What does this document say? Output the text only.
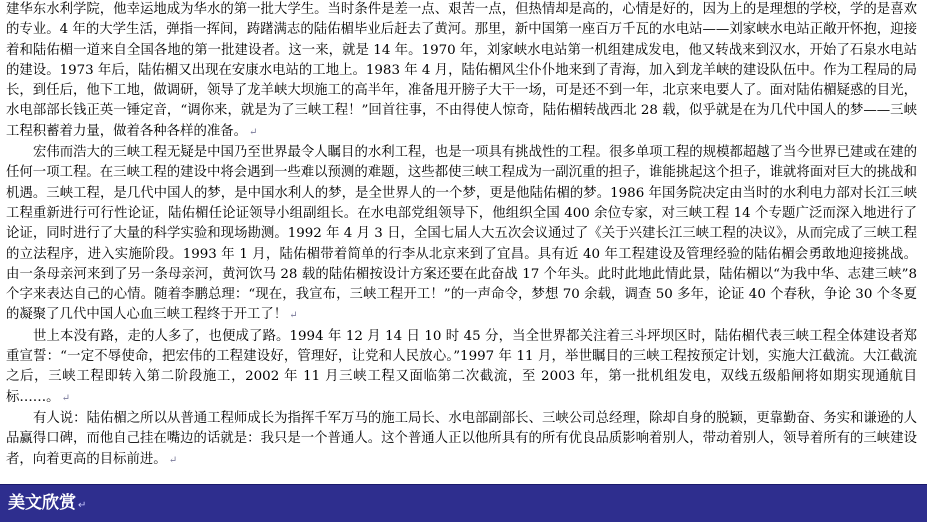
建华东水利学院，他幸运地成为华水的第一批大学生。当时条件是差一点、艰苦一点，但热情却是高的，心情是好的，因为上的是理想的学校，学的是喜欢的专业。4 年的大学生活，弹指一挥间，踌躇满志的陆佑楣毕业后赶去了黄河。那里，新中国第一座百万千瓦的水电站——刘家峡水电站正敞开怀抱，迎接着和陆佑楣一道来自全国各地的第一批建设者。这一来，就是 14 年。1970 年，刘家峡水电站第一机组建成发电，他又转战来到汉水，开始了石泉水电站的建设。1973 年后，陆佑楣又出现在安康水电站的工地上。1983 年 4 月，陆佑楣风尘仆仆地来到了青海，加入到龙羊峡的建设队伍中。作为工程局的局长，到任后，他下工地，做调研，领导了龙羊峡大坝施工的高半年，准备甩开膀子大干一场，可是还不到一年，北京来电要人了。面对陆佑楣疑惑的目光，水电部部长钱正英一锤定音，“调你来，就是为了三峡工程！”回首往事，不由得使人惊奇，陆佑楣转战西北 28 载，似乎就是在为几代中国人的梦——三峡工程积蓄着力量，做着各种各样的准备。 ↵

宏伟而浩大的三峡工程无疑是中国乃至世界最令人瞩目的水利工程，也是一项具有挑战性的工程。很多单项工程的规模都超越了当今世界已建或在建的任何一项工程。在三峡工程的建设中将会遇到一些难以预测的难题，这些都使三峡工程成为一副沉重的担子，谁能挑起这个担子，谁就将面对巨大的挑战和机遇。三峡工程，是几代中国人的梦，是中国水利人的梦，是全世界人的一个梦，更是他陆佑楣的梦。1986 年国务院决定由当时的水利电力部对长江三峡工程重新进行可行性论证，陆佑楣任论证领导小组副组长。在水电部党组领导下，他组织全国 400 余位专家，对三峡工程 14 个专题广泛而深入地进行了论证，同时进行了大量的科学实验和现场勘测。1992 年 4 月 3 日，全国七届人大五次会议通过了《关于兴建长江三峡工程的决议》，从而完成了三峡工程的立法程序，进入实施阶段。1993 年 1 月，陆佑楣带着简单的行李从北京来到了宜昌。具有近 40 年工程建设及管理经验的陆佑楣会勇敢地迎接挑战。由一条母亲河来到了另一条母亲河，黄河饮马 28 载的陆佑楣按设计方案还要在此奋战 17 个年头。此时此地此情此景，陆佑楣以“为我中华、志建三峡”8 个字来表达自己的心情。随着李鹏总理：“现在，我宣布，三峡工程开工！”的一声命令，梦想 70 余载，调查 50 多年，论证 40 个春秋，争论 30 个冬夏的凝聚了几代中国人心血三峡工程终于开工了！ ↵

世上本没有路，走的人多了，也便成了路。1994 年 12 月 14 日 10 时 45 分，当全世界都关注着三斗坪坝区时，陆佑楣代表三峡工程全体建设者郑重宣誓：“一定不辱使命，把宏伟的工程建设好，管理好，让党和人民放心。”1997 年 11 月，举世瞩目的三峡工程按预定计划，实施大江截流。大江截流之后，三峡工程即转入第二阶段施工，2002 年 11 月三峡工程又面临第二次截流，至 2003 年，第一批机组发电，双线五级船闸将如期实现通航目标……。 ↵

有人说：陆佑楣之所以从普通工程师成长为指挥千军万马的施工局长、水电部副部长、三峡公司总经理，除却自身的脱颖，更靠勤奋、务实和谦逊的人品赢得口碑，而他自己挂在嘴边的话就是：我只是一个普通人。这个普通人正以他所具有的所有优良品质影响着别人，带动着别人，领导着所有的三峡建设者，向着更高的目标前进。 ↵

美文欣赏 ↵
